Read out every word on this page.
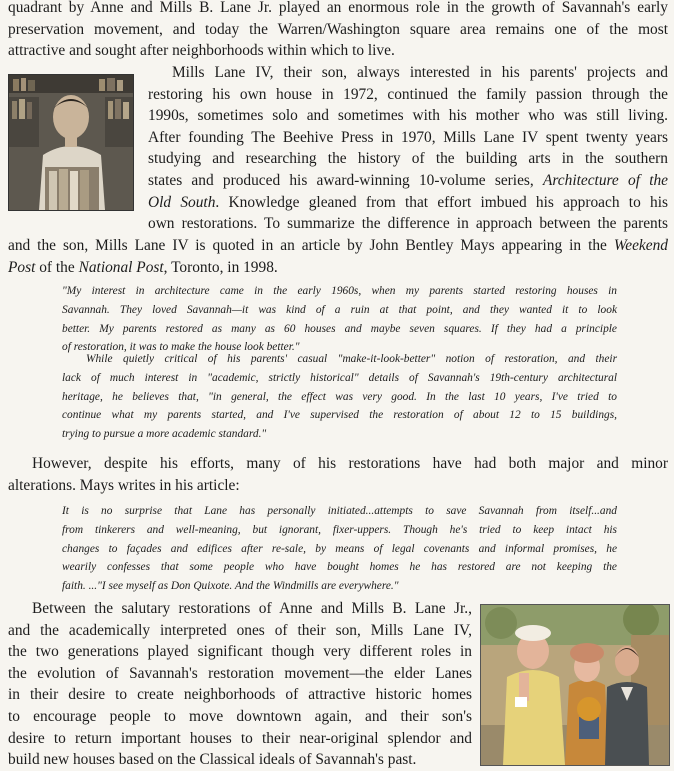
quadrant by Anne and Mills B. Lane Jr. played an enormous role in the growth of Savannah's early
preservation movement, and today the Warren/Washington square area remains one of the most
attractive and sought after neighborhoods within which to live.
Mills Lane IV, their son, always interested in his parents' projects and
restoring his own house in 1972, continued the family passion through the
1990s, sometimes solo and sometimes with his mother who was still living.
After founding The Beehive Press in 1970, Mills Lane IV spent twenty years
studying and researching the history of the building arts in the southern
states and produced his award-winning 10-volume series, Architecture of the
Old South. Knowledge gleaned from that effort imbued his approach to his
own restorations. To summarize the difference in approach between the parents
and the son, Mills Lane IV is quoted in an article by John Bentley Mays appearing in the Weekend
Post of the National Post, Toronto, in 1998.
"My interest in architecture came in the early 1960s, when my parents started restoring houses in
Savannah. They loved Savannah—it was kind of a ruin at that point, and they wanted it to look
better. My parents restored as many as 60 houses and maybe seven squares. If they had a principle
of restoration, it was to make the house look better."
While quietly critical of his parents' casual "make-it-look-better" notion of restoration, and their
lack of much interest in "academic, strictly historical" details of Savannah's 19th-century architectural
heritage, he believes that, "in general, the effect was very good. In the last 10 years, I've tried to
continue what my parents started, and I've supervised the restoration of about 12 to 15 buildings,
trying to pursue a more academic standard."
However, despite his efforts, many of his restorations have had both major and minor
alterations. Mays writes in his article:
It is no surprise that Lane has personally initiated...attempts to save Savannah from itself...and
from tinkerers and well-meaning, but ignorant, fixer-uppers. Though he's tried to keep intact his
changes to façades and edifices after re-sale, by means of legal covenants and informal promises, he
wearily confesses that some people who have bought homes he has restored are not keeping the
faith. ..."I see myself as Don Quixote. And the Windmills are everywhere."
Between the salutary restorations of Anne and Mills B. Lane Jr.,
and the academically interpreted ones of their son, Mills Lane IV,
the two generations played significant though very different roles in
the evolution of Savannah's restoration movement—the elder Lanes
in their desire to create neighborhoods of attractive historic homes
to encourage people to move downtown again, and their son's
desire to return important houses to their near-original splendor and
build new houses based on the Classical ideals of Savannah's past.
